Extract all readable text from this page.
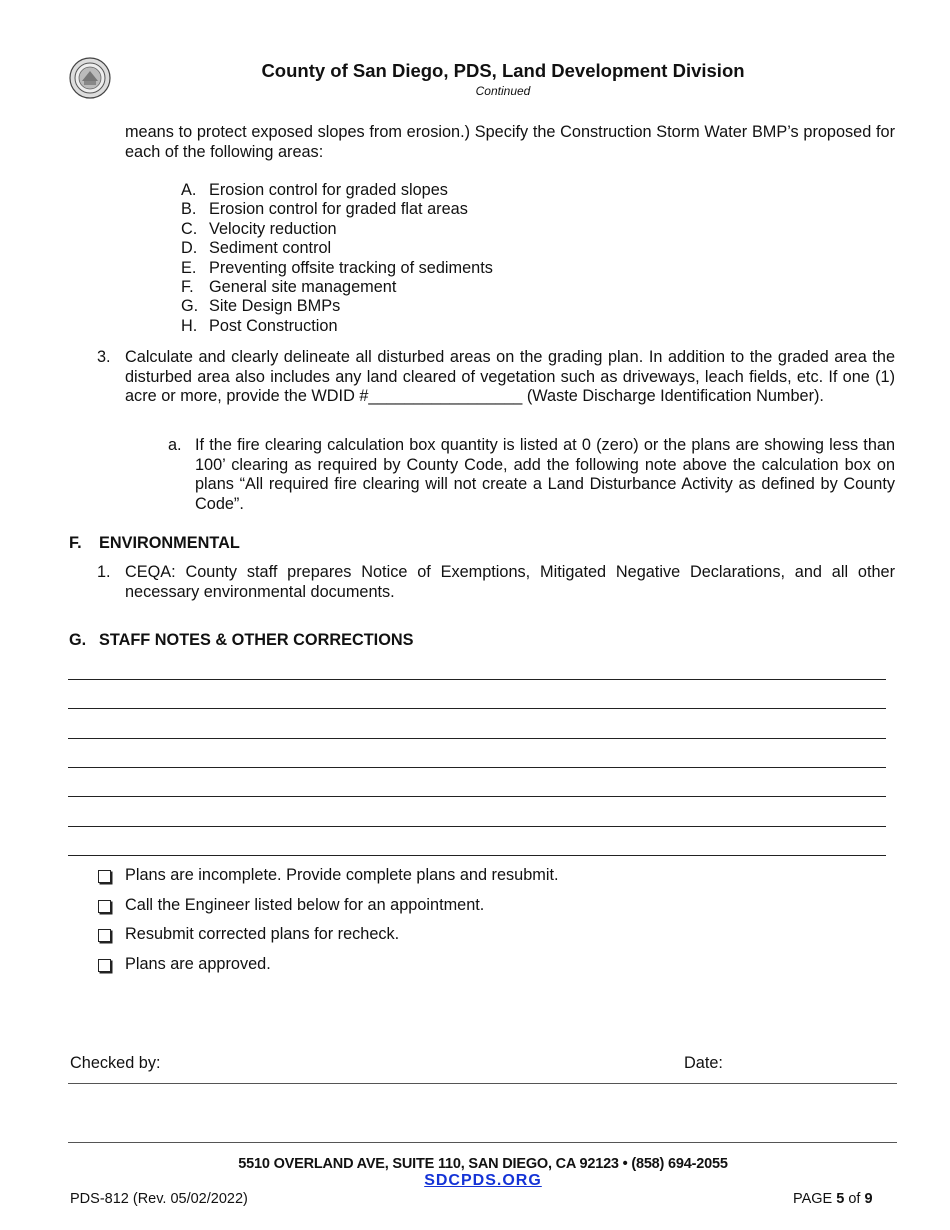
County of San Diego, PDS, Land Development Division
Continued
means to protect exposed slopes from erosion.) Specify the Construction Storm Water BMP’s proposed for each of the following areas:
A. Erosion control for graded slopes
B. Erosion control for graded flat areas
C. Velocity reduction
D. Sediment control
E. Preventing offsite tracking of sediments
F. General site management
G. Site Design BMPs
H. Post Construction
3. Calculate and clearly delineate all disturbed areas on the grading plan. In addition to the graded area the disturbed area also includes any land cleared of vegetation such as driveways, leach fields, etc. If one (1) acre or more, provide the WDID #_________________ (Waste Discharge Identification Number).
a. If the fire clearing calculation box quantity is listed at 0 (zero) or the plans are showing less than 100’ clearing as required by County Code, add the following note above the calculation box on plans “All required fire clearing will not create a Land Disturbance Activity as defined by County Code”.
F. ENVIRONMENTAL
1. CEQA: County staff prepares Notice of Exemptions, Mitigated Negative Declarations, and all other necessary environmental documents.
G. STAFF NOTES & OTHER CORRECTIONS
Plans are incomplete. Provide complete plans and resubmit.
Call the Engineer listed below for an appointment.
Resubmit corrected plans for recheck.
Plans are approved.
Checked by:	Date:
5510 OVERLAND AVE, SUITE 110, SAN DIEGO, CA 92123 • (858) 694-2055
SDCPDS.ORG
PDS-812 (Rev. 05/02/2022)	PAGE 5 of 9
